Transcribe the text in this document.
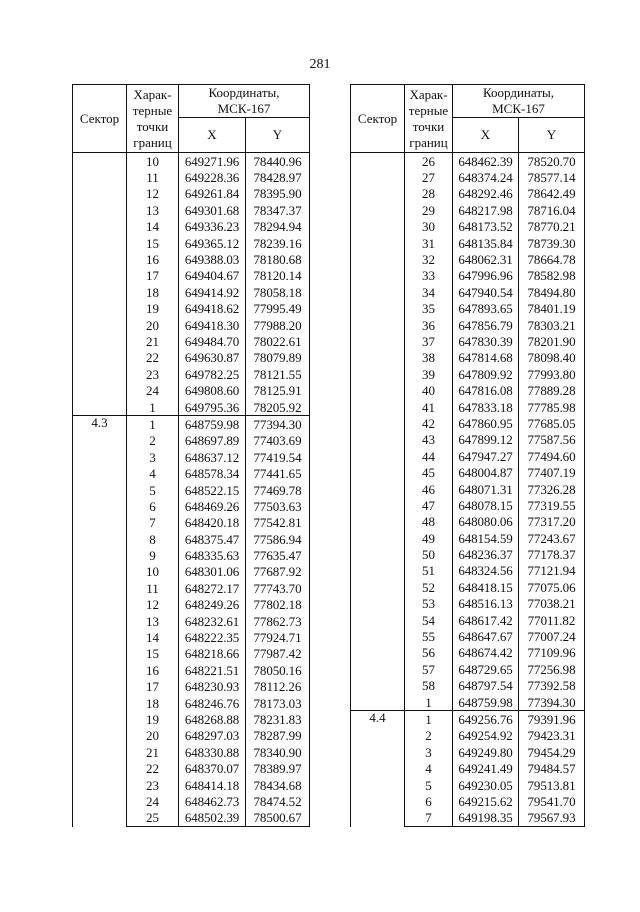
281
Сектор	Харак-
терные
точки
границ	Координаты,
МСК-167	
		X	Y
	10	649271.96	78440.96
	11	649228.36	78428.97
	12	649261.84	78395.90
	13	649301.68	78347.37
	14	649336.23	78294.94
	15	649365.12	78239.16
	16	649388.03	78180.68
	17	649404.67	78120.14
	18	649414.92	78058.18
	19	649418.62	77995.49
	20	649418.30	77988.20
	21	649484.70	78022.61
	22	649630.87	78079.89
	23	649782.25	78121.55
	24	649808.60	78125.91
	1	649795.36	78205.92
4.3	1	648759.98	77394.30
	2	648697.89	77403.69
	3	648637.12	77419.54
	4	648578.34	77441.65
	5	648522.15	77469.78
	6	648469.26	77503.63
	7	648420.18	77542.81
	8	648375.47	77586.94
	9	648335.63	77635.47
	10	648301.06	77687.92
	11	648272.17	77743.70
	12	648249.26	77802.18
	13	648232.61	77862.73
	14	648222.35	77924.71
	15	648218.66	77987.42
	16	648221.51	78050.16
	17	648230.93	78112.26
	18	648246.76	78173.03
	19	648268.88	78231.83
	20	648297.03	78287.99
	21	648330.88	78340.90
	22	648370.07	78389.97
	23	648414.18	78434.68
	24	648462.73	78474.52
	25	648502.39	78500.67
Сектор	Харак-
терные
точки
границ	Координаты,
МСК-167	
		X	Y
	26	648462.39	78520.70
	27	648374.24	78577.14
	28	648292.46	78642.49
	29	648217.98	78716.04
	30	648173.52	78770.21
	31	648135.84	78739.30
	32	648062.31	78664.78
	33	647996.96	78582.98
	34	647940.54	78494.80
	35	647893.65	78401.19
	36	647856.79	78303.21
	37	647830.39	78201.90
	38	647814.68	78098.40
	39	647809.92	77993.80
	40	647816.08	77889.28
	41	647833.18	77785.98
	42	647860.95	77685.05
	43	647899.12	77587.56
	44	647947.27	77494.60
	45	648004.87	77407.19
	46	648071.31	77326.28
	47	648078.15	77319.55
	48	648080.06	77317.20
	49	648154.59	77243.67
	50	648236.37	77178.37
	51	648324.56	77121.94
	52	648418.15	77075.06
	53	648516.13	77038.21
	54	648617.42	77011.82
	55	648647.67	77007.24
	56	648674.42	77109.96
	57	648729.65	77256.98
	58	648797.54	77392.58
	1	648759.98	77394.30
4.4	1	649256.76	79391.96
	2	649254.92	79423.31
	3	649249.80	79454.29
	4	649241.49	79484.57
	5	649230.05	79513.81
	6	649215.62	79541.70
	7	649198.35	79567.93
